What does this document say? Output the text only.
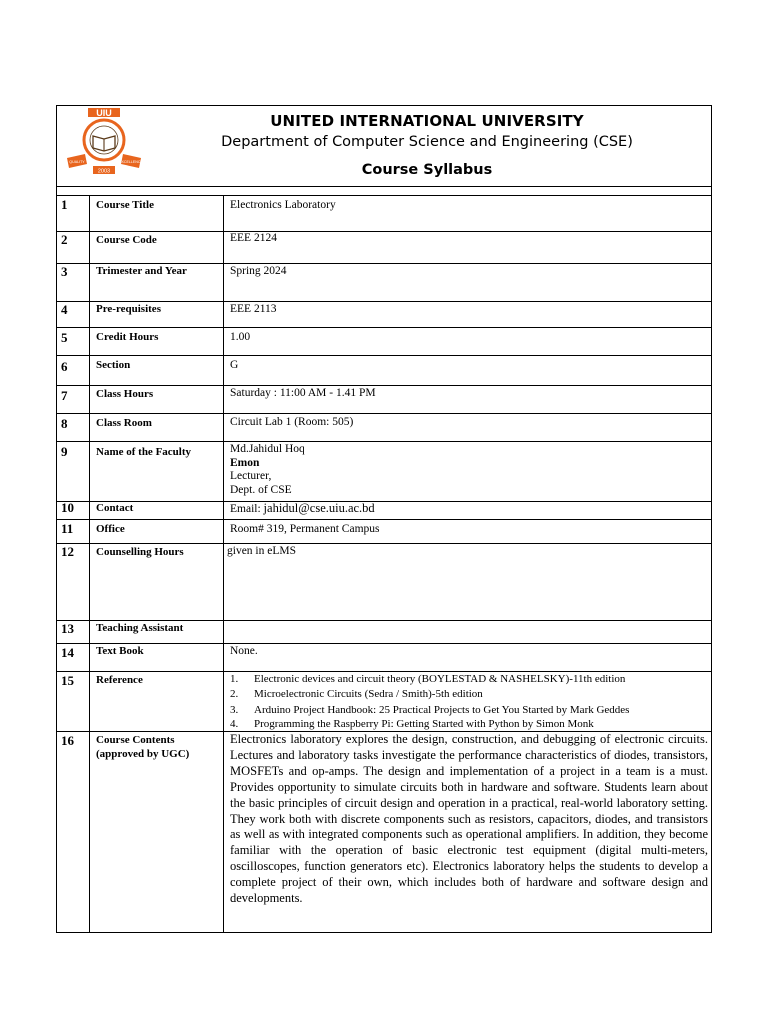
UIU
QUALITY	EXCELLENCE
2003
UNITED INTERNATIONAL UNIVERSITY
Department of Computer Science and Engineering (CSE)
Course Syllabus
1	Course Title	Electronics Laboratory
2	Course Code	EEE 2124
3	Trimester and Year	Spring 2024
4	Pre-requisites	EEE 2113
5	Credit Hours	1.00
6	Section	G
7	Class Hours	Saturday : 11:00 AM - 1.41 PM
8	Class Room	Circuit Lab 1 (Room: 505)
9	Name of the Faculty	Md.Jahidul Hoq
Emon
Lecturer,
Dept. of CSE
10 Contact	Email: jahidul@cse.uiu.ac.bd
11 Office	Room# 319, Permanent Campus
12 Counselling Hours	given in eLMS
13 Teaching Assistant
14 Text Book	None.
15 Reference	1. Electronic devices and circuit theory (BOYLESTAD & NASHELSKY)-11th edition
2. Microelectronic Circuits (Sedra / Smith)-5th edition
3. Arduino Project Handbook: 25 Practical Projects to Get You Started by Mark Geddes
4. Programming the Raspberry Pi: Getting Started with Python by Simon Monk
16 Course Contents
(approved by UGC)
Electronics laboratory explores the design, construction, and debugging of electronic circuits. Lectures and laboratory tasks investigate the performance characteristics of diodes, transistors, MOSFETs and op-amps. The design and implementation of a project in a team is a must. Provides opportunity to simulate circuits both in hardware and software. Students learn about the basic principles of circuit design and operation in a practical, real-world laboratory setting. They work both with discrete components such as resistors, capacitors, diodes, and transistors as well as with integrated components such as operational amplifiers. In addition, they become familiar with the operation of basic electronic test equipment (digital multi-meters, oscilloscopes, function generators etc). Electronics laboratory helps the students to develop a complete project of their own, which includes both of hardware and software design and developments.
